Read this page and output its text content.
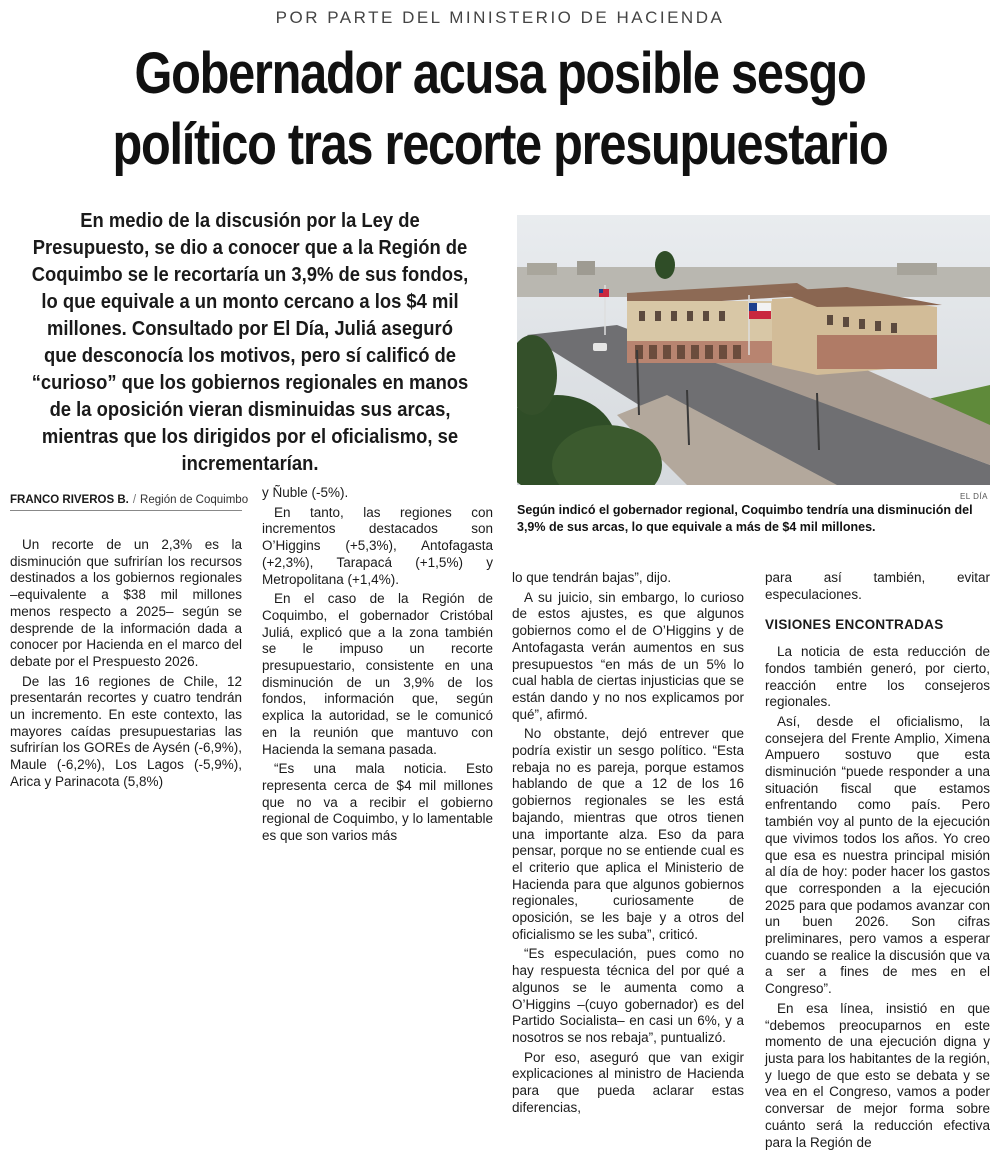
POR PARTE DEL MINISTERIO DE HACIENDA
Gobernador acusa posible sesgo
político tras recorte presupuestario
En medio de la discusión por la Ley de Presupuesto, se dio a conocer que a la Región de Coquimbo se le recortaría un 3,9% de sus fondos, lo que equivale a un monto cercano a los $4 mil millones. Consultado por El Día, Juliá aseguró que desconocía los motivos, pero sí calificó de “curioso” que los gobiernos regionales en manos de la oposición vieran disminuidas sus arcas, mientras que los dirigidos por el oficialismo, se incrementarían.
EL DÍA
Según indicó el gobernador regional, Coquimbo tendría una disminución del 3,9% de sus arcas, lo que equivale a más de $4 mil millones.
FRANCO RIVEROS B. / Región de Coquimbo

Un recorte de un 2,3% es la disminución que sufrirían los recursos destinados a los gobiernos regionales –equivalente a $38 mil millones menos respecto a 2025– según se desprende de la información dada a conocer por Hacienda en el marco del debate por el Prespuesto 2026.

De las 16 regiones de Chile, 12 presentarán recortes y cuatro tendrán un incremento. En este contexto, las mayores caídas presupuestarias las sufrirían los GOREs de Aysén (-6,9%), Maule (-6,2%), Los Lagos (-5,9%), Arica y Parinacota (5,8%)

y Ñuble (-5%).

En tanto, las regiones con incrementos destacados son O’Higgins (+5,3%), Antofagasta (+2,3%), Tarapacá (+1,5%) y Metropolitana (+1,4%).

En el caso de la Región de Coquimbo, el gobernador Cristóbal Juliá, explicó que a la zona también se le impuso un recorte presupuestario, consistente en una disminución de un 3,9% de los fondos, información que, según explica la autoridad, se le comunicó en la reunión que mantuvo con Hacienda la semana pasada.

“Es una mala noticia. Esto representa cerca de $4 mil millones que no va a recibir el gobierno regional de Coquimbo, y lo lamentable es que son varios más

lo que tendrán bajas”, dijo.

A su juicio, sin embargo, lo curioso de estos ajustes, es que algunos gobiernos como el de O’Higgins y de Antofagasta verán aumentos en sus presupuestos “en más de un 5% lo cual habla de ciertas injusticias que se están dando y no nos explicamos por qué”, afirmó.

No obstante, dejó entrever que podría existir un sesgo político. “Esta rebaja no es pareja, porque estamos hablando de que a 12 de los 16 gobiernos regionales se les está bajando, mientras que otros tienen una importante alza. Eso da para pensar, porque no se entiende cual es el criterio que aplica el Ministerio de Hacienda para que algunos gobiernos regionales, curiosamente de oposición, se les baje y a otros del oficialismo se les suba”, criticó.

“Es especulación, pues como no hay respuesta técnica del por qué a algunos se le aumenta como a O’Higgins –(cuyo gobernador) es del Partido Socialista– en casi un 6%, y a nosotros se nos rebaja”, puntualizó.

Por eso, aseguró que van exigir explicaciones al ministro de Hacienda para que pueda aclarar estas diferencias,

para así también, evitar especulaciones.

VISIONES ENCONTRADAS

La noticia de esta reducción de fondos también generó, por cierto, reacción entre los consejeros regionales.

Así, desde el oficialismo, la consejera del Frente Amplio, Ximena Ampuero sostuvo que esta disminución “puede responder a una situación fiscal que estamos enfrentando como país. Pero también voy al punto de la ejecución que vivimos todos los años. Yo creo que esa es nuestra principal misión al día de hoy: poder hacer los gastos que corresponden a la ejecución 2025 para que podamos avanzar con un buen 2026. Son cifras preliminares, pero vamos a esperar cuando se realice la discusión que va a ser a fines de mes en el Congreso”.

En esa línea, insistió en que “debemos preocuparnos en este momento de una ejecución digna y justa para los habitantes de la región, y luego de que esto se debata y se vea en el Congreso, vamos a poder conversar de mejor forma sobre cuánto será la reducción efectiva para la Región de
